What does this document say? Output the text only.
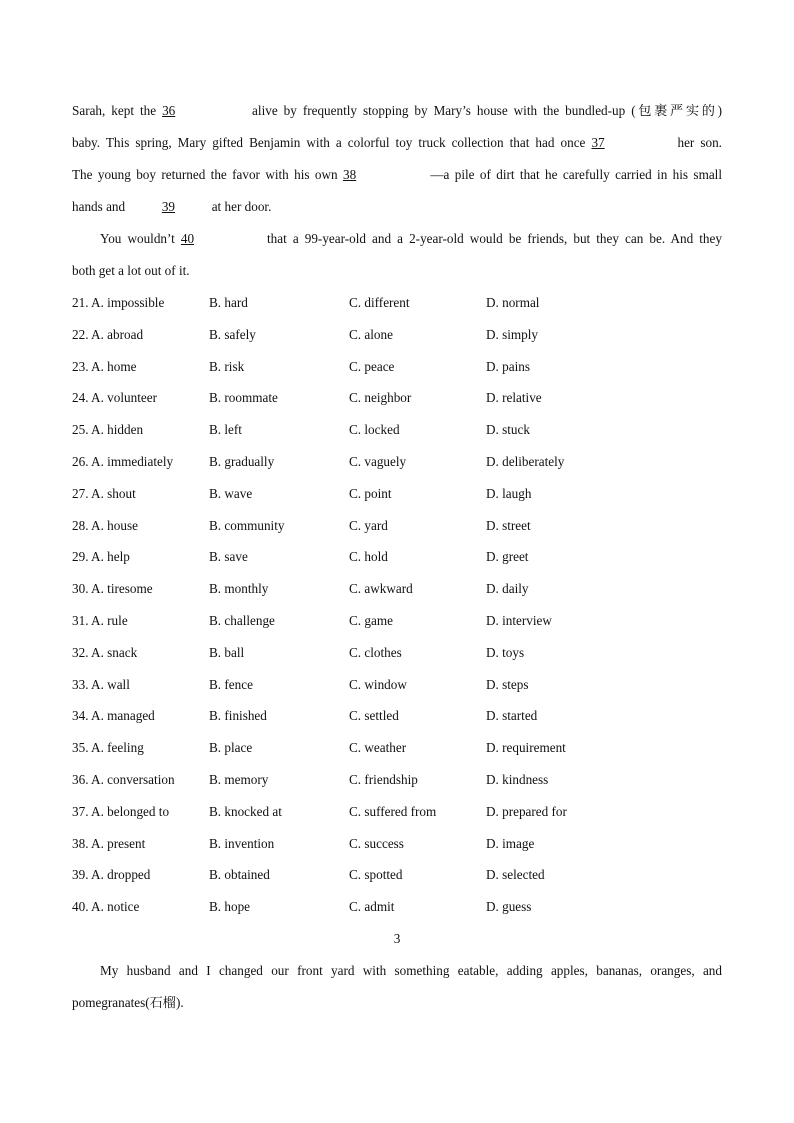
Sarah, kept the 36	alive by frequently stopping by Mary’s house with the bundled-up (包裹严实的)
baby. This spring, Mary gifted Benjamin with a colorful toy truck collection that had once 37	her son.
The young boy returned the favor with his own 38	—a pile of dirt that he carefully carried in his small
hands and	39	at her door.
You wouldn’t 40	that a 99-year-old and a 2-year-old would be friends, but they can be. And they
both get a lot out of it.
21. A. impossible	B. hard	C. different	D. normal
22. A. abroad	B. safely	C. alone	D. simply
23. A. home	B. risk	C. peace	D. pains
24. A. volunteer	B. roommate	C. neighbor	D. relative
25. A. hidden	B. left	C. locked	D. stuck
26. A. immediately	B. gradually	C. vaguely	D. deliberately
27. A. shout	B. wave	C. point	D. laugh
28. A. house	B. community	C. yard	D. street
29. A. help	B. save	C. hold	D. greet
30. A. tiresome	B. monthly	C. awkward	D. daily
31. A. rule	B. challenge	C. game	D. interview
32. A. snack	B. ball	C. clothes	D. toys
33. A. wall	B. fence	C. window	D. steps
34. A. managed	B. finished	C. settled	D. started
35. A. feeling	B. place	C. weather	D. requirement
36. A. conversation	B. memory	C. friendship	D. kindness
37. A. belonged to	B. knocked at	C. suffered from	D. prepared for
38. A. present	B. invention	C. success	D. image
39. A. dropped	B. obtained	C. spotted	D. selected
40. A. notice	B. hope	C. admit	D. guess
3
My husband and I changed our front yard with something eatable, adding apples, bananas, oranges, and
pomegranates(石榴).
